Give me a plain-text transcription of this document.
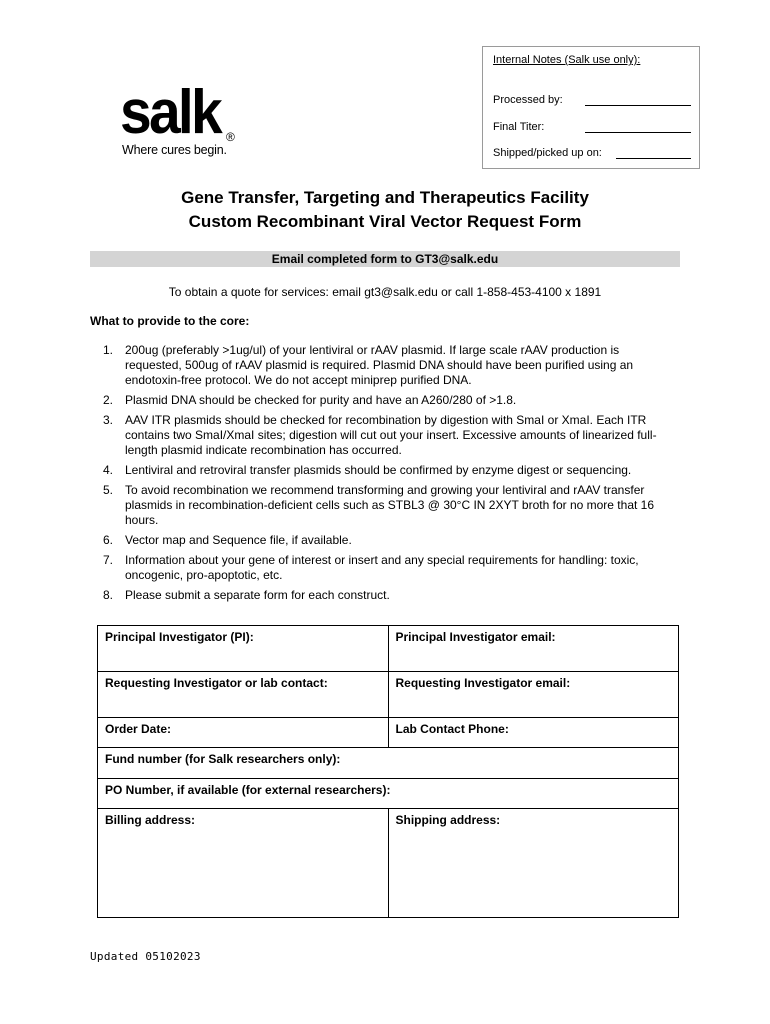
salk ®
Where cures begin.
Internal Notes (Salk use only):
Processed by:
Final Titer:
Shipped/picked up on:
Gene Transfer, Targeting and Therapeutics Facility
Custom Recombinant Viral Vector Request Form
Email completed form to GT3@salk.edu
To obtain a quote for services: email gt3@salk.edu or call 1-858-453-4100 x 1891
What to provide to the core:
1. 200ug (preferably >1ug/ul) of your lentiviral or rAAV plasmid. If large scale rAAV production is requested, 500ug of rAAV plasmid is required. Plasmid DNA should have been purified using an endotoxin-free protocol. We do not accept miniprep purified DNA.
2. Plasmid DNA should be checked for purity and have an A260/280 of >1.8.
3. AAV ITR plasmids should be checked for recombination by digestion with SmaI or XmaI. Each ITR contains two SmaI/XmaI sites; digestion will cut out your insert. Excessive amounts of linearized full-length plasmid indicate recombination has occurred.
4. Lentiviral and retroviral transfer plasmids should be confirmed by enzyme digest or sequencing.
5. To avoid recombination we recommend transforming and growing your lentiviral and rAAV transfer plasmids in recombination-deficient cells such as STBL3 @ 30°C IN 2XYT broth for no more that 16 hours.
6. Vector map and Sequence file, if available.
7. Information about your gene of interest or insert and any special requirements for handling: toxic, oncogenic, pro-apoptotic, etc.
8. Please submit a separate form for each construct.
Principal Investigator (PI):	Principal Investigator email:
Requesting Investigator or lab contact:	Requesting Investigator email:
Order Date:	Lab Contact Phone:
Fund number (for Salk researchers only):	
PO Number, if available (for external researchers):	
Billing address:	Shipping address:
Updated 05102023
